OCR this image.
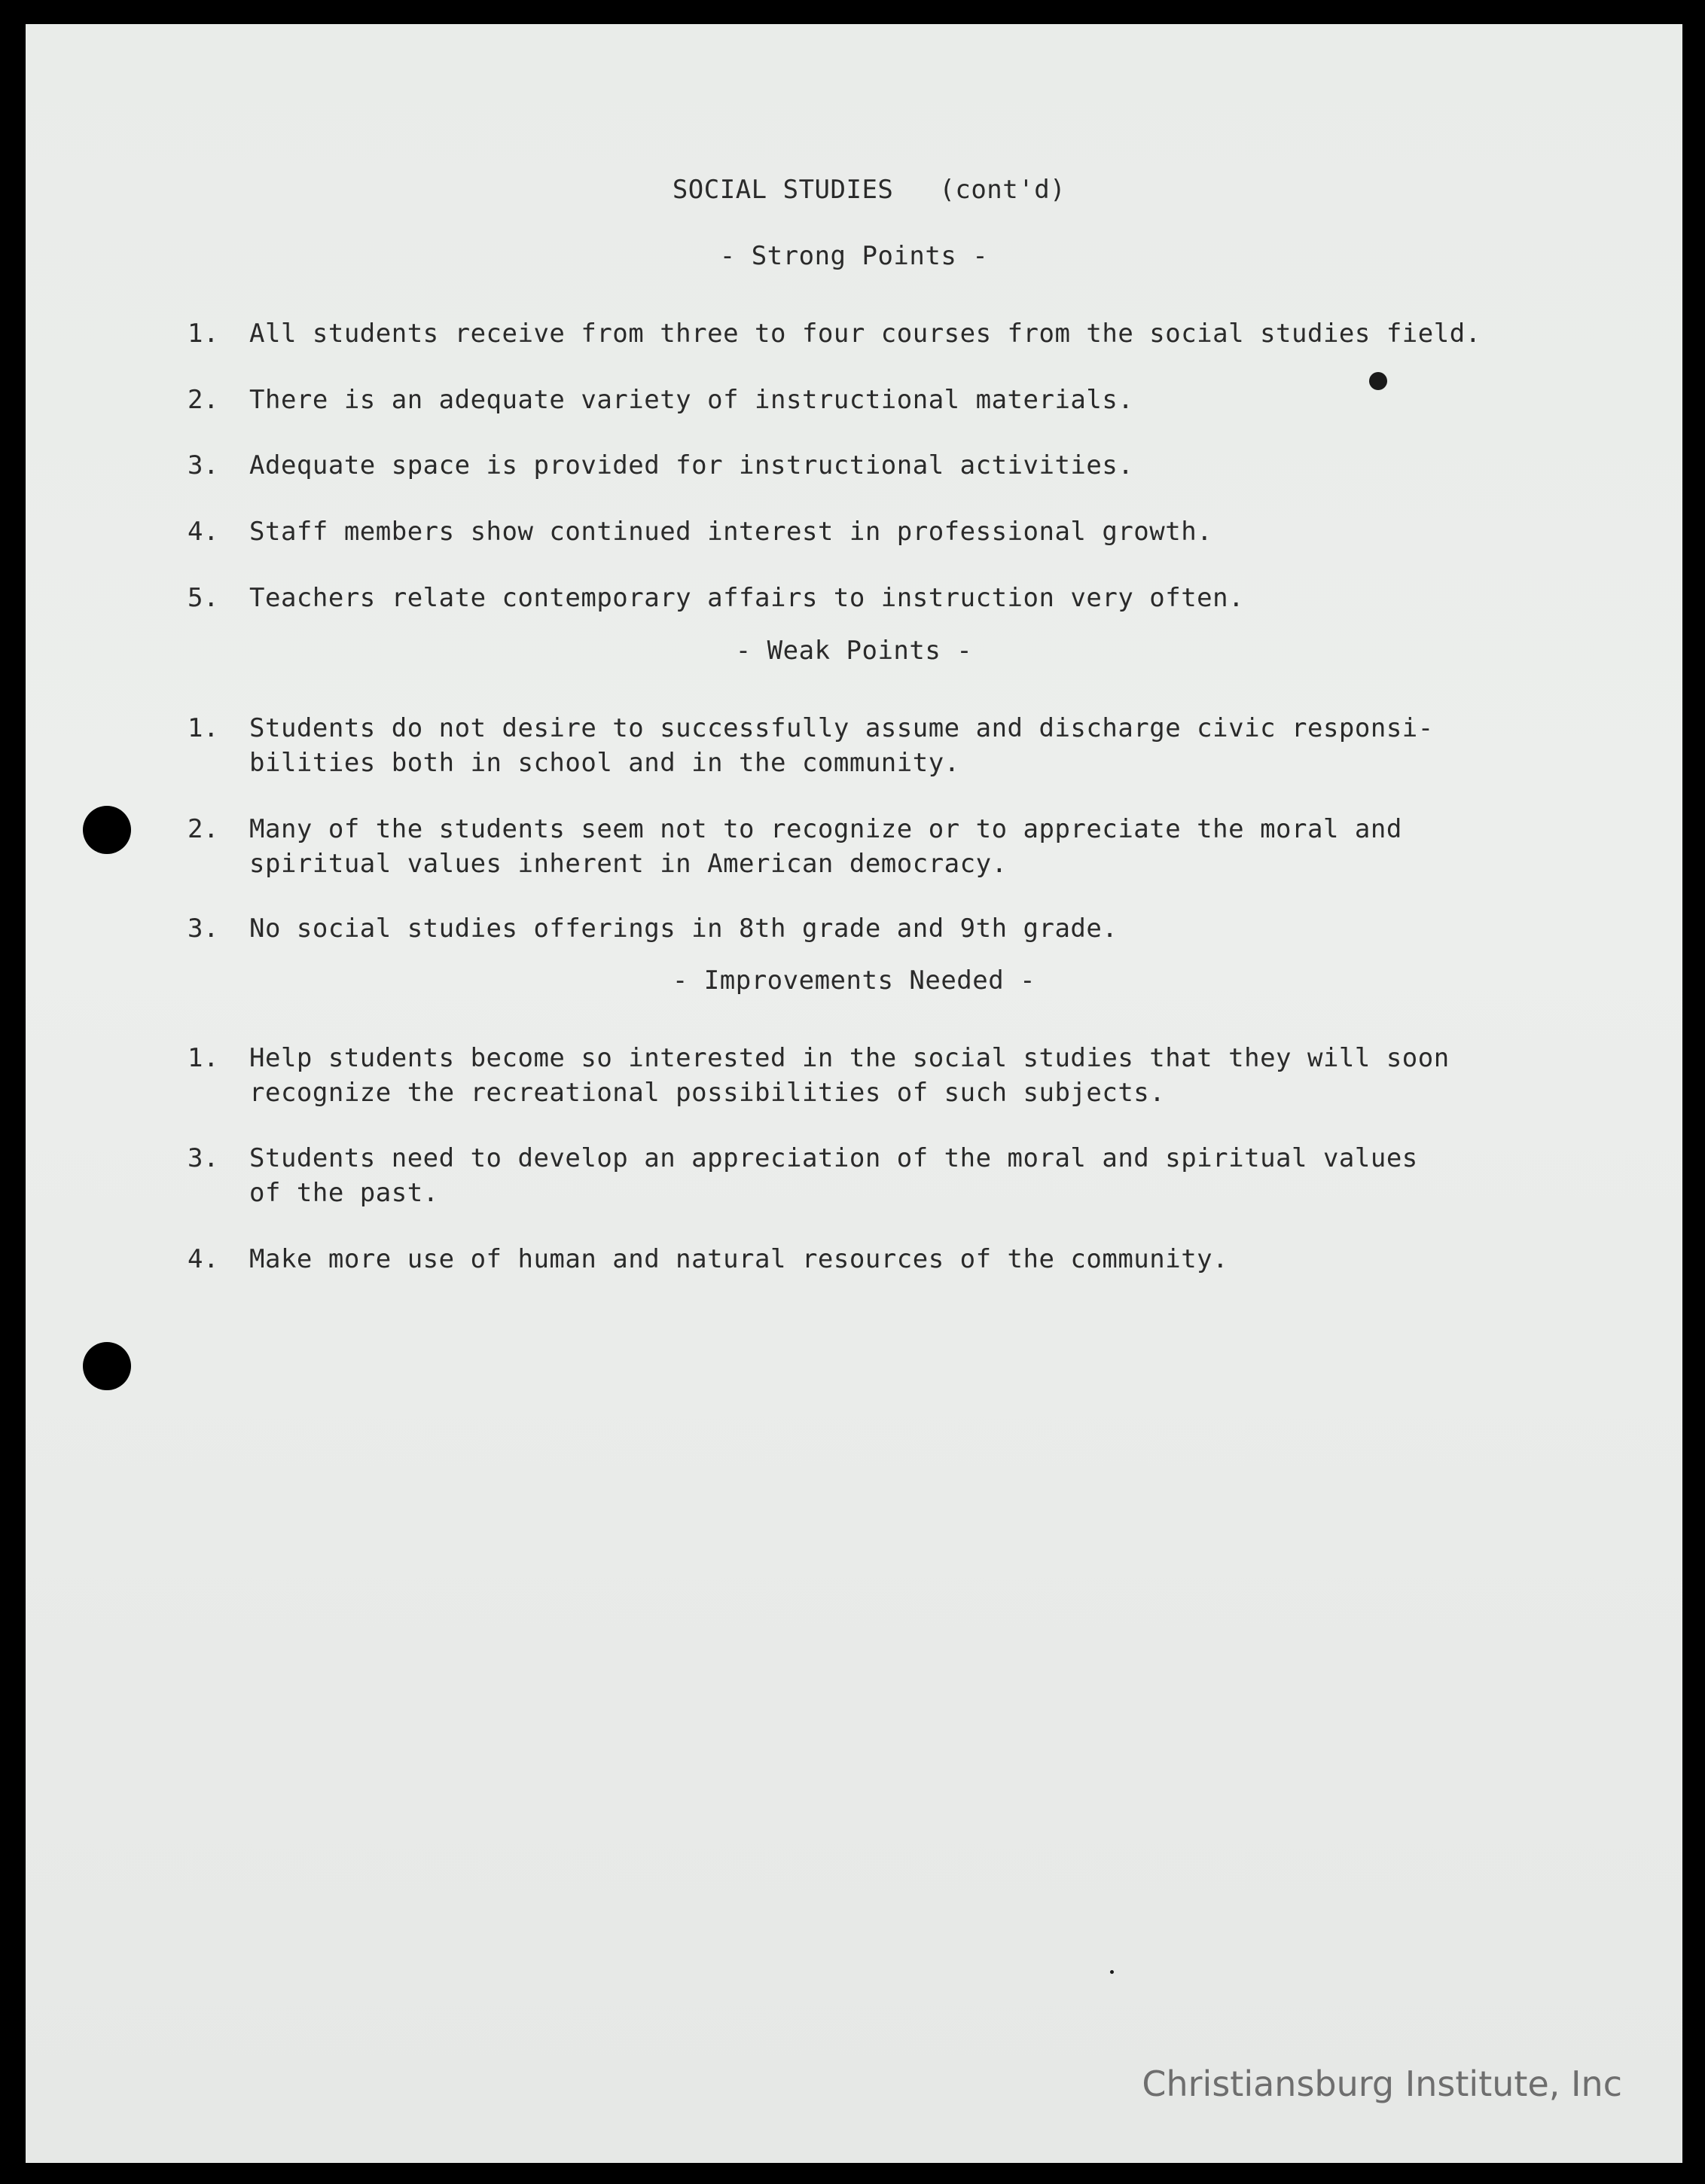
SOCIAL STUDIES (cont'd)
- Strong Points -
1. All students receive from three to four courses from the social studies field.
2. There is an adequate variety of instructional materials.
3. Adequate space is provided for instructional activities.
4. Staff members show continued interest in professional growth.
5. Teachers relate contemporary affairs to instruction very often.
- Weak Points -
1. Students do not desire to successfully assume and discharge civic responsi-
bilities both in school and in the community.
2. Many of the students seem not to recognize or to appreciate the moral and
spiritual values inherent in American democracy.
3. No social studies offerings in 8th grade and 9th grade.
- Improvements Needed -
1. Help students become so interested in the social studies that they will soon
recognize the recreational possibilities of such subjects.
3. Students need to develop an appreciation of the moral and spiritual values
of the past.
4. Make more use of human and natural resources of the community.
Christiansburg Institute, Inc
